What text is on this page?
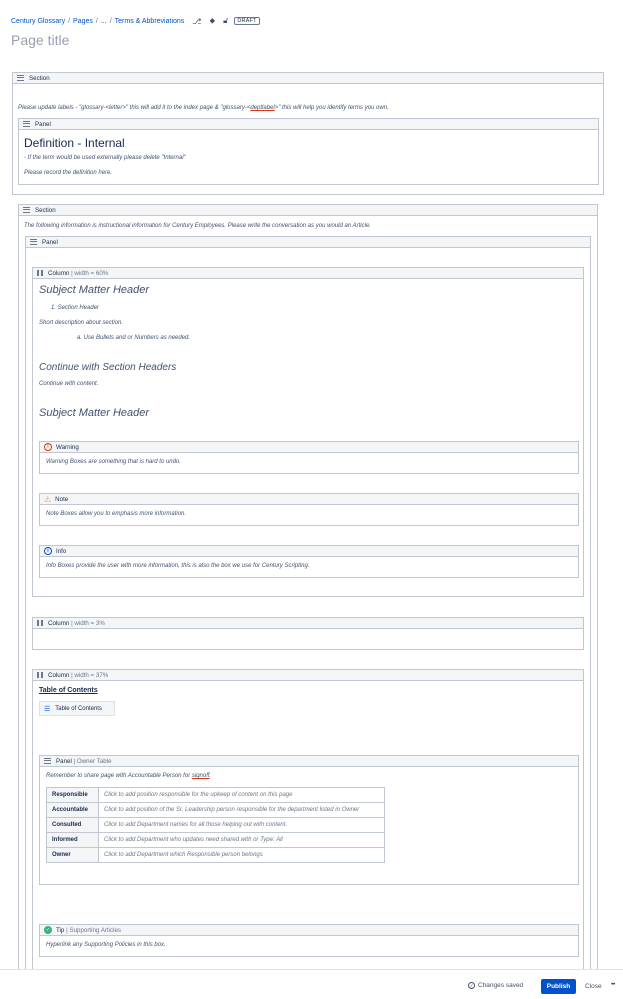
Century Glossary / Pages / ... / Terms & Abbreviations ⎇ ⬥ 🔓︎	DRAFT
Page title
Section
Please update labels - "glossary-<letter>" this will add it to the index page & "glossary-<deptlabel>" this will help you identify terms you own.
Panel
Definition - Internal
- If the term would be used externally please delete "Internal"
Please record the definition here.
Section
The following information is instructional information for Century Employees. Please write the conversation as you would an Article.
Panel
Column
| width = 60%
Subject Matter Header
1. Section Header
Short description about section.
a. Use Bullets and or Numbers as needed.
Continue with Section Headers
Continue with content.
Subject Matter Header
!	Warning
Warning Boxes are something that is hard to undo.
⚠ Note
Note Boxes allow you to emphasis more information.
i	Info
Info Boxes provide the user with more information, this is also the box we use for Century Scripting.
Column
| width = 3%
Column
| width = 37%
Table of Contents
☰ Table of Contents
Panel
| Owner Table
Remember to share page with Accountable Person for signoff.
Responsible	Click to add position responsible for the upkeep of content on this page
Accountable	Click to add position of the Sr. Leadership person responsible for the department listed in Owner
Consulted	Click to add Department names for all those helping out with content.
Informed	Click to add Department who updates need shared with or Type: All
Owner	Click to add Department which Responsible person belongs
✓ Tip
| Supporting Articles
Hyperlink any Supporting Policies in this box.
✓ Changes saved	Publish	Close •••
